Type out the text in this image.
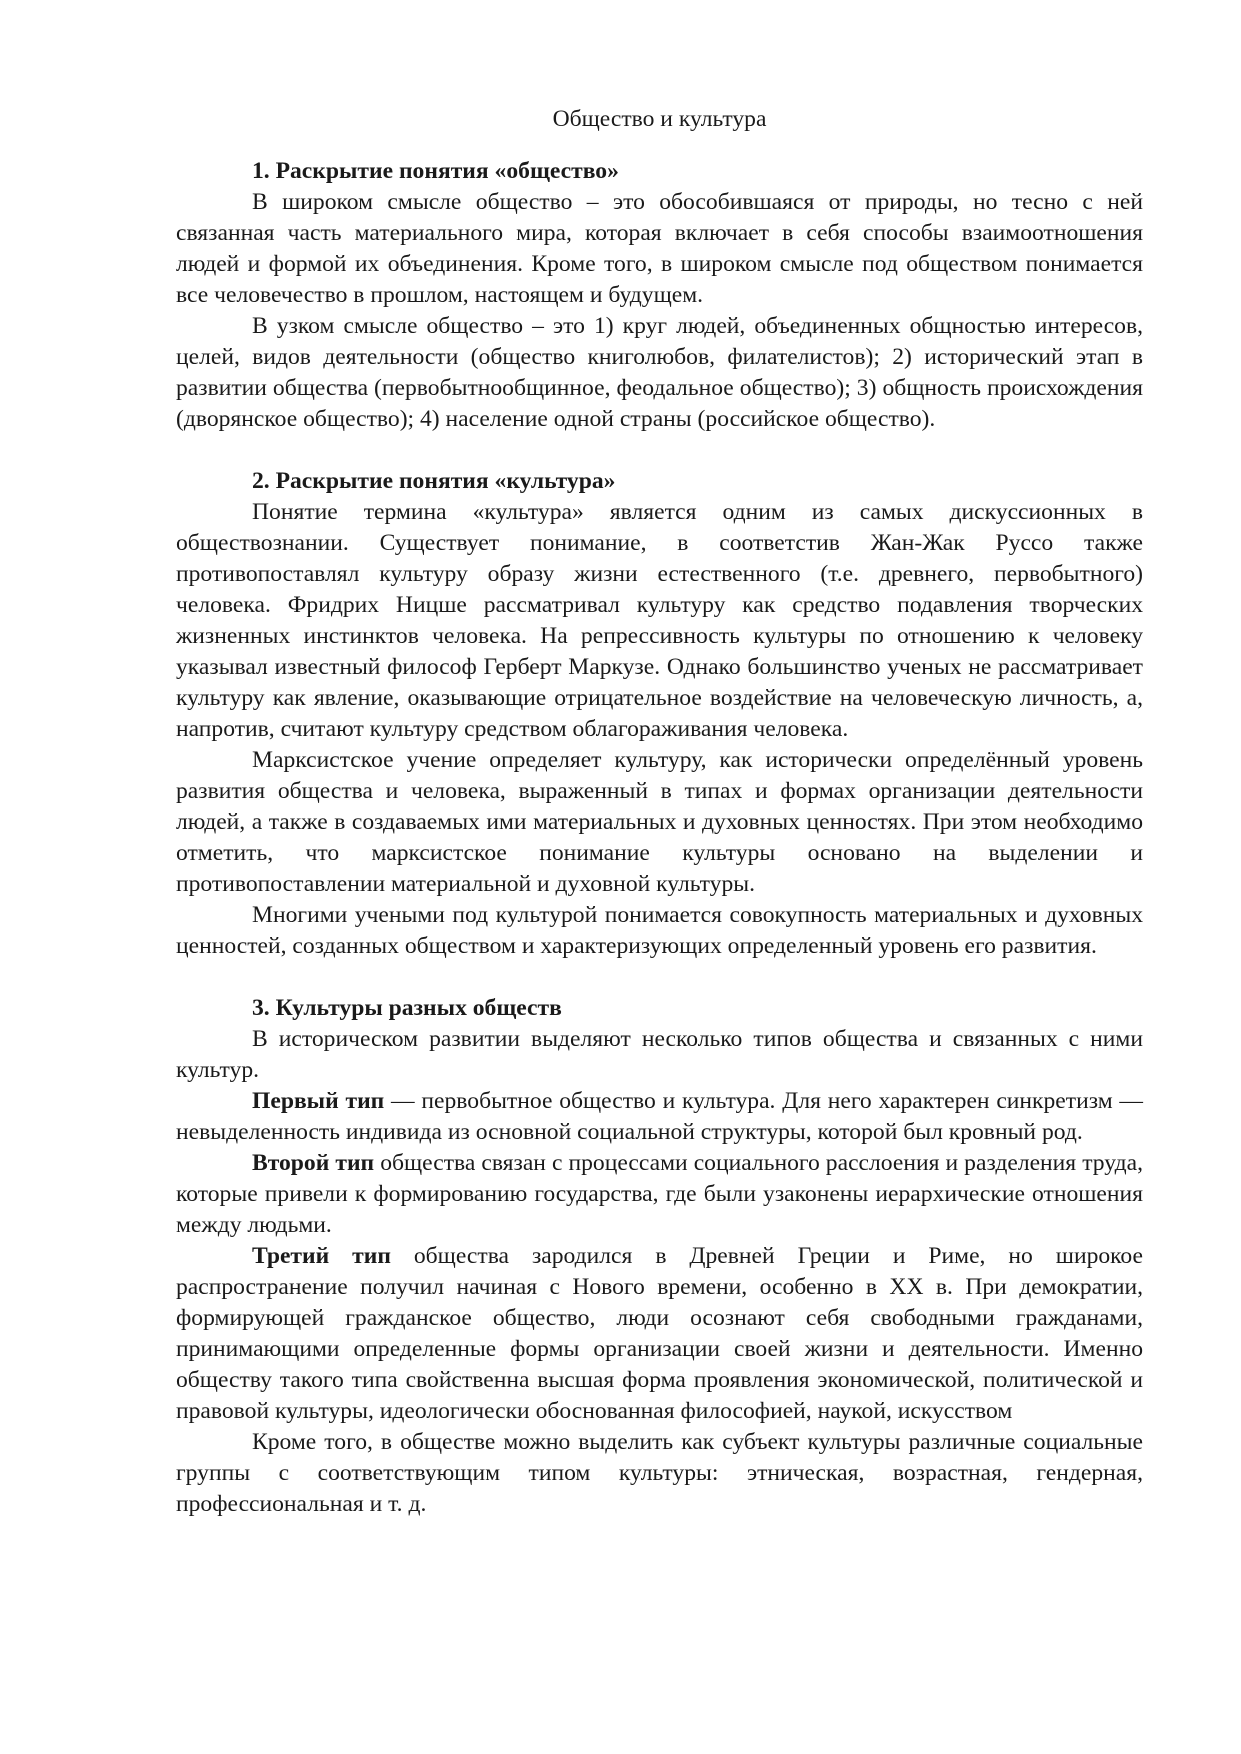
Общество и культура

1. Раскрытие понятия «общество»

В широком смысле общество – это обособившаяся от природы, но тесно с ней связанная часть материального мира, которая включает в себя способы взаимоотношения людей и формой их объединения. Кроме того, в широком смысле под обществом понимается все человечество в прошлом, настоящем и будущем.

В узком смысле общество – это 1) круг людей, объединенных общностью интересов, целей, видов деятельности (общество книголюбов, филателистов); 2) исторический этап в развитии общества (первобытнообщинное, феодальное общество); 3) общность происхождения (дворянское общество); 4) население одной страны (российское общество).

2. Раскрытие понятия «культура»

Понятие термина «культура» является одним из самых дискуссионных в обществознании. Существует понимание, в соответстив Жан-Жак Руссо также противопоставлял культуру образу жизни естественного (т.е. древнего, первобытного) человека. Фридрих Ницше рассматривал культуру как средство подавления творческих жизненных инстинктов человека. На репрессивность культуры по отношению к человеку указывал известный философ Герберт Маркузе. Однако большинство ученых не рассматривает культуру как явление, оказывающие отрицательное воздействие на человеческую личность, а, напротив, считают культуру средством облагораживания человека.

Марксистское учение определяет культуру, как исторически определённый уровень развития общества и человека, выраженный в типах и формах организации деятельности людей, а также в создаваемых ими материальных и духовных ценностях. При этом необходимо отметить, что марксистское понимание культуры основано на выделении и противопоставлении материальной и духовной культуры.

Многими учеными под культурой понимается совокупность материальных и духовных ценностей, созданных обществом и характеризующих определенный уровень его развития.

3. Культуры разных обществ

В историческом развитии выделяют несколько типов общества и связанных с ними культур.

Первый тип — первобытное общество и культура. Для него характерен синкретизм — невыделенность индивида из основной социальной структуры, которой был кровный род.

Второй тип общества связан с процессами социального расслоения и разделения труда, которые привели к формированию государства, где были узаконены иерархические отношения между людьми.

Третий тип общества зародился в Древней Греции и Риме, но широкое распространение получил начиная с Нового времени, особенно в XX в. При демократии, формирующей гражданское общество, люди осознают себя свободными гражданами, принимающими определенные формы организации своей жизни и деятельности. Именно обществу такого типа свойственна высшая форма проявления экономической, политической и правовой культуры, идеологически обоснованная философией, наукой, искусством

Кроме того, в обществе можно выделить как субъект культуры различные социальные группы с соответствующим типом культуры: этническая, возрастная, гендерная, профессиональная и т. д.
